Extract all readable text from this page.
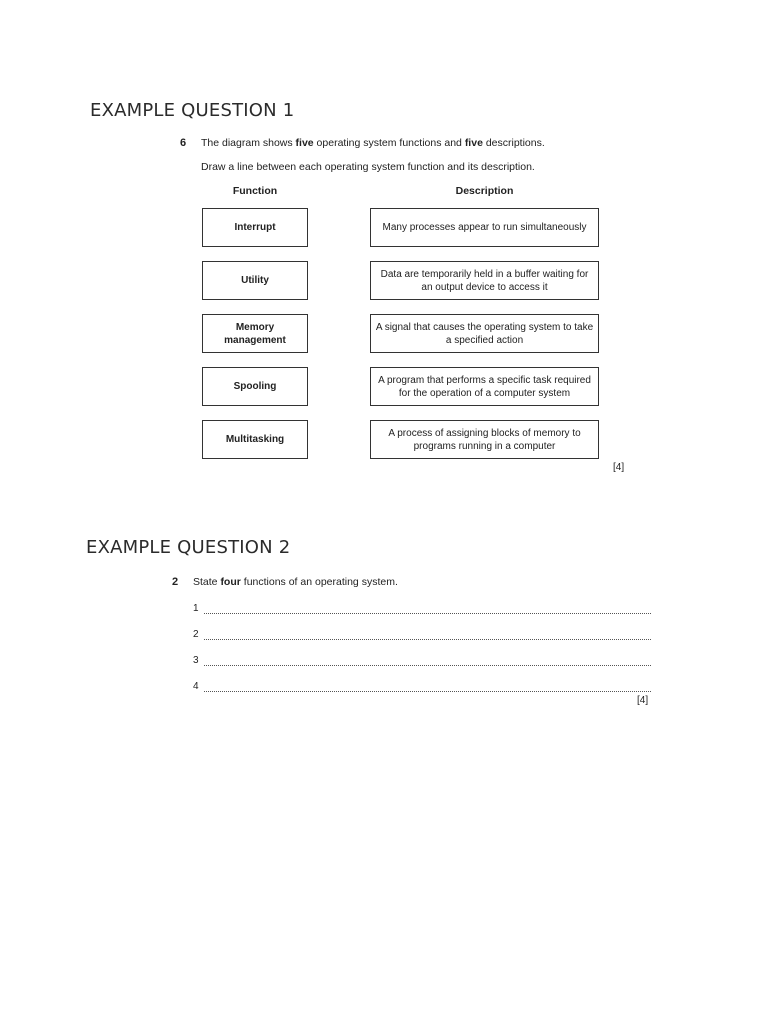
EXAMPLE QUESTION 1
6 The diagram shows five operating system functions and five descriptions.
Draw a line between each operating system function and its description.
Function	Description
Interrupt
Utility
Memory management
Spooling
Multitasking
Many processes appear to run simultaneously
Data are temporarily held in a buffer waiting for an output device to access it
A signal that causes the operating system to take a specified action
A program that performs a specific task required for the operation of a computer system
A process of assigning blocks of memory to programs running in a computer
[4]
EXAMPLE QUESTION 2
2 State four functions of an operating system.
1
2
3
4
[4]
